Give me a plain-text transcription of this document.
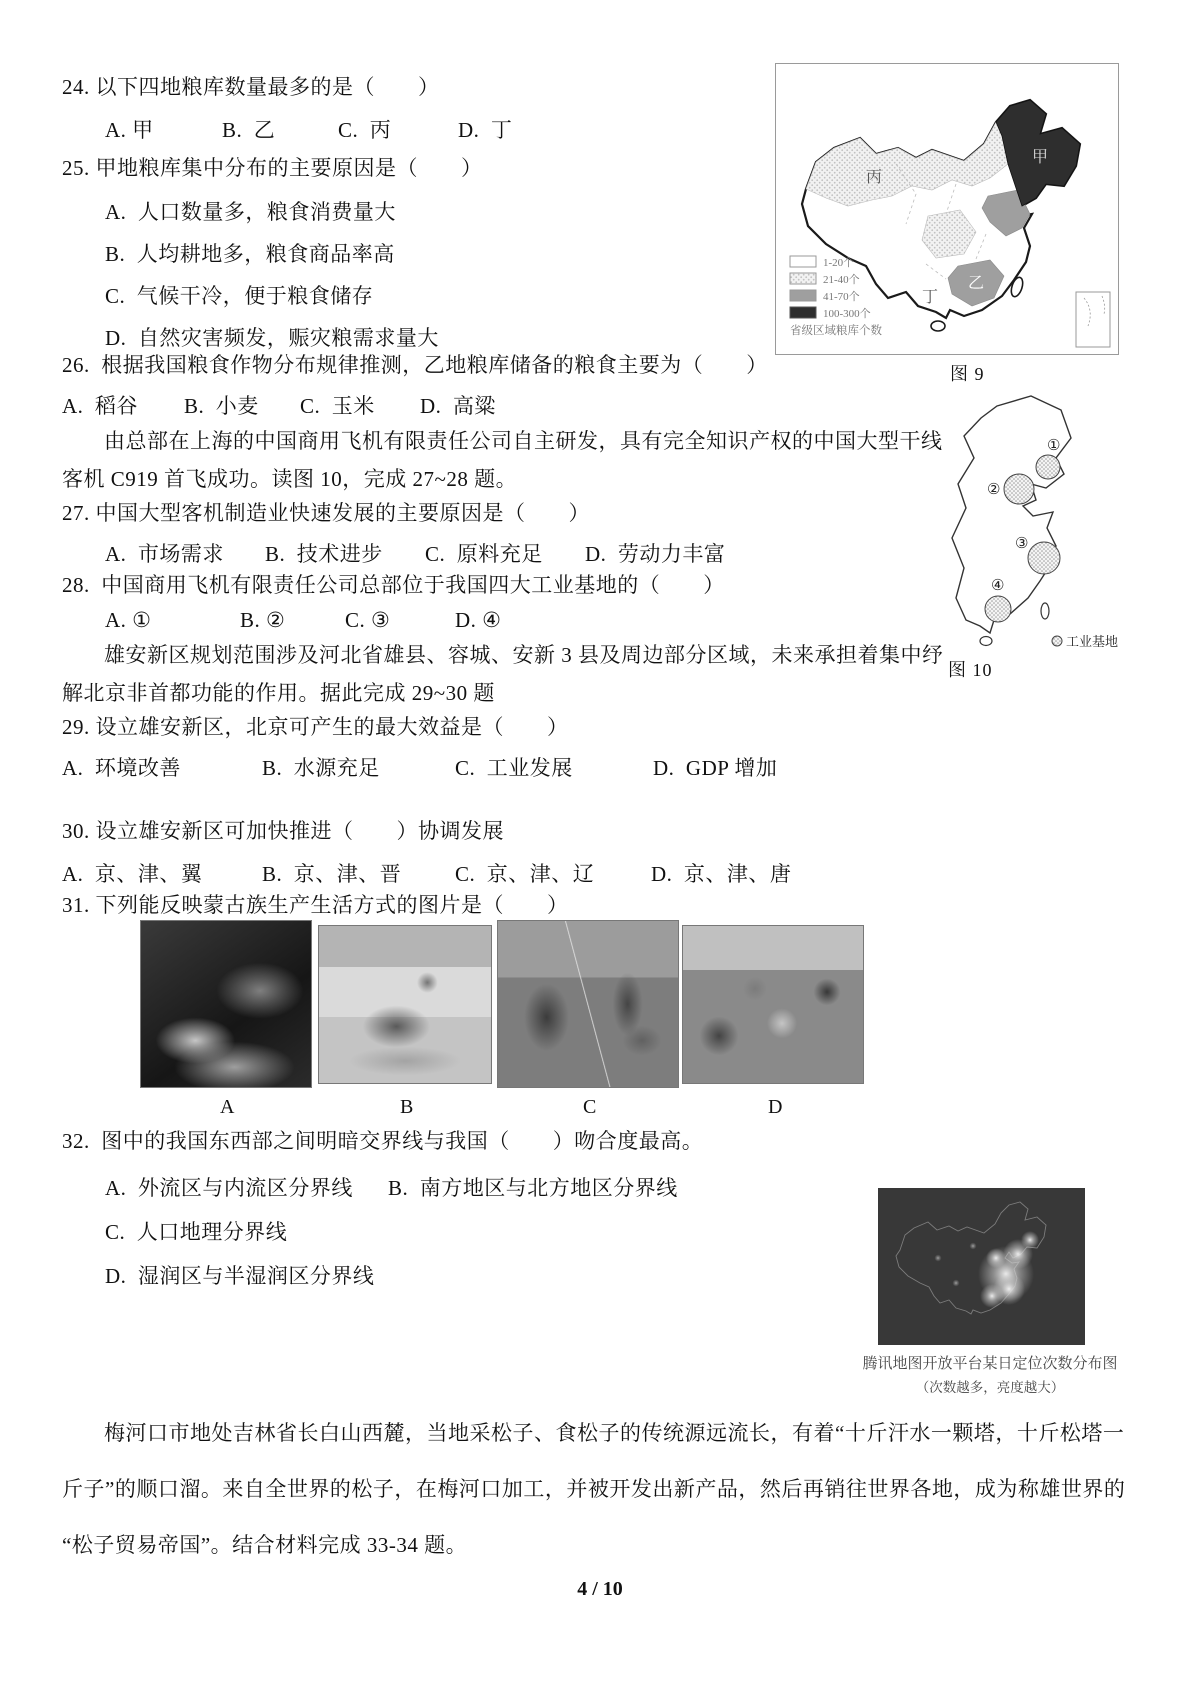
24. 以下四地粮库数量最多的是（　　）
A. 甲	B.  乙	C.  丙	D.  丁
25. 甲地粮库集中分布的主要原因是（　　）
A.  人口数量多，粮食消费量大
B.  人均耕地多，粮食商品率高
C.  气候干冷，便于粮食储存
D.  自然灾害频发，赈灾粮需求量大
甲
丙
乙
丁
1-20个
21-40个
41-70个
100-300个
省级区域粮库个数
图 9
26.  根据我国粮食作物分布规律推测，乙地粮库储备的粮食主要为（　　）
A.  稻谷	B.  小麦	C.  玉米	D.  高粱
由总部在上海的中国商用飞机有限责任公司自主研发，具有完全知识产权的中国大型干线
客机 C919 首飞成功。读图 10，完成 27~28 题。
①
②
③
④
工业基地
图 10
27. 中国大型客机制造业快速发展的主要原因是（　　）
A.  市场需求	B.  技术进步	C.  原料充足	D.  劳动力丰富
28.  中国商用飞机有限责任公司总部位于我国四大工业基地的（　　）
A. ①	B. ②	C. ③	D. ④
雄安新区规划范围涉及河北省雄县、容城、安新 3 县及周边部分区域，未来承担着集中纾
解北京非首都功能的作用。据此完成 29~30 题
29. 设立雄安新区，北京可产生的最大效益是（　　）
A.  环境改善	B.  水源充足	C.  工业发展	D.  GDP 增加
30. 设立雄安新区可加快推进（　　）协调发展
A.  京、津、翼	B.  京、津、晋	C.  京、津、辽	D.  京、津、唐
31. 下列能反映蒙古族生产生活方式的图片是（　　）
A	B	C	D
32.  图中的我国东西部之间明暗交界线与我国（　　）吻合度最高。
A.  外流区与内流区分界线	B.  南方地区与北方地区分界线
C.  人口地理分界线
D.  湿润区与半湿润区分界线
腾讯地图开放平台某日定位次数分布图
（次数越多，亮度越大）
梅河口市地处吉林省长白山西麓，当地采松子、食松子的传统源远流长，有着“十斤汗水一颗塔，十斤松塔一
斤子”的顺口溜。来自全世界的松子，在梅河口加工，并被开发出新产品，然后再销往世界各地，成为称雄世界的
“松子贸易帝国”。结合材料完成 33-34 题。
4 / 10
